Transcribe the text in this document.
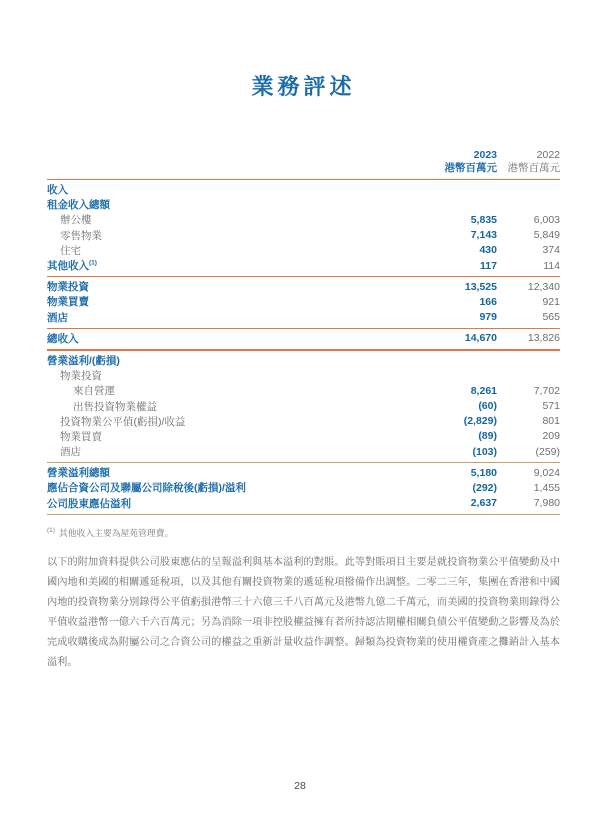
業務評述
2023	2022
港幣百萬元	港幣百萬元
收入
租金收入總額
辦公樓	5,835	6,003
零售物業	7,143	5,849
住宅	430	374
其他收入$^{(1)}$	117	114
物業投資	13,525	12,340
物業買賣	166	921
酒店	979	565
總收入	14,670	13,826
營業溢利/(虧損)
物業投資
來自營運	8,261	7,702
出售投資物業權益	(60)	571
投資物業公平值(虧損)/收益	(2,829)	801
物業買賣	(89)	209
酒店	(103)	(259)
營業溢利總額	5,180	9,024
應佔合資公司及聯屬公司除稅後(虧損)/溢利	(292)	1,455
公司股東應佔溢利	2,637	7,980
$^{(1)}$ 其他收入主要為屋苑管理費。

以下的附加資料提供公司股東應佔的呈報溢利與基本溢利的對賬。此等對賬項目主要是就投資物業公平值變動及中國內地和美國的相關遞延稅項，以及其他有關投資物業的遞延稅項撥備作出調整。二零二三年，集團在香港和中國內地的投資物業分別錄得公平值虧損港幣三十六億三千八百萬元及港幣九億二千萬元，而美國的投資物業則錄得公平值收益港幣一億六千六百萬元；另為消除一項非控股權益擁有者所持認沽期權相關負債公平值變動之影響及為於完成收購後成為附屬公司之合資公司的權益之重新計量收益作調整。歸類為投資物業的使用權資產之攤銷計入基本溢利。

28
